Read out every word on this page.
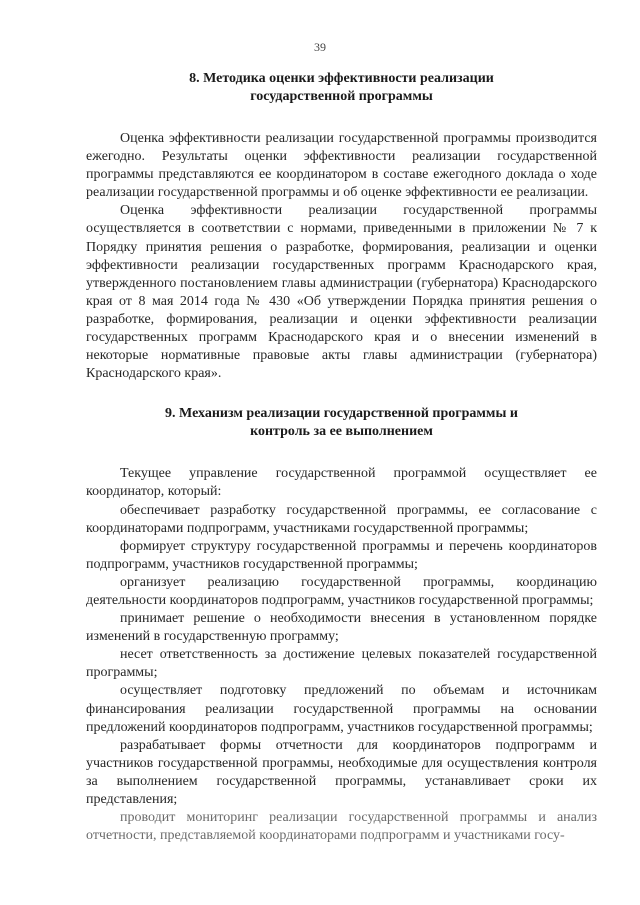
39
8. Методика оценки эффективности реализации
государственной программы

Оценка эффективности реализации государственной программы производится ежегодно. Результаты оценки эффективности реализации государственной программы представляются ее координатором в составе ежегодного доклада о ходе реализации государственной программы и об оценке эффективности ее реализации.

Оценка эффективности реализации государственной программы осуществляется в соответствии с нормами, приведенными в приложении № 7 к Порядку принятия решения о разработке, формирования, реализации и оценки эффективности реализации государственных программ Краснодарского края, утвержденного постановлением главы администрации (губернатора) Краснодарского края от 8 мая 2014 года № 430 «Об утверждении Порядка принятия решения о разработке, формирования, реализации и оценки эффективности реализации государственных программ Краснодарского края и о внесении изменений в некоторые нормативные правовые акты главы администрации (губернатора) Краснодарского края».

9. Механизм реализации государственной программы и
контроль за ее выполнением

Текущее управление государственной программой осуществляет ее координатор, который:

обеспечивает разработку государственной программы, ее согласование с координаторами подпрограмм, участниками государственной программы;

формирует структуру государственной программы и перечень координаторов подпрограмм, участников государственной программы;

организует реализацию государственной программы, координацию деятельности координаторов подпрограмм, участников государственной программы;

принимает решение о необходимости внесения в установленном порядке изменений в государственную программу;

несет ответственность за достижение целевых показателей государственной программы;

осуществляет подготовку предложений по объемам и источникам финансирования реализации государственной программы на основании предложений координаторов подпрограмм, участников государственной программы;

разрабатывает формы отчетности для координаторов подпрограмм и участников государственной программы, необходимые для осуществления контроля за выполнением государственной программы, устанавливает сроки их представления;

проводит мониторинг реализации государственной программы и анализ отчетности, представляемой координаторами подпрограмм и участниками госу-
